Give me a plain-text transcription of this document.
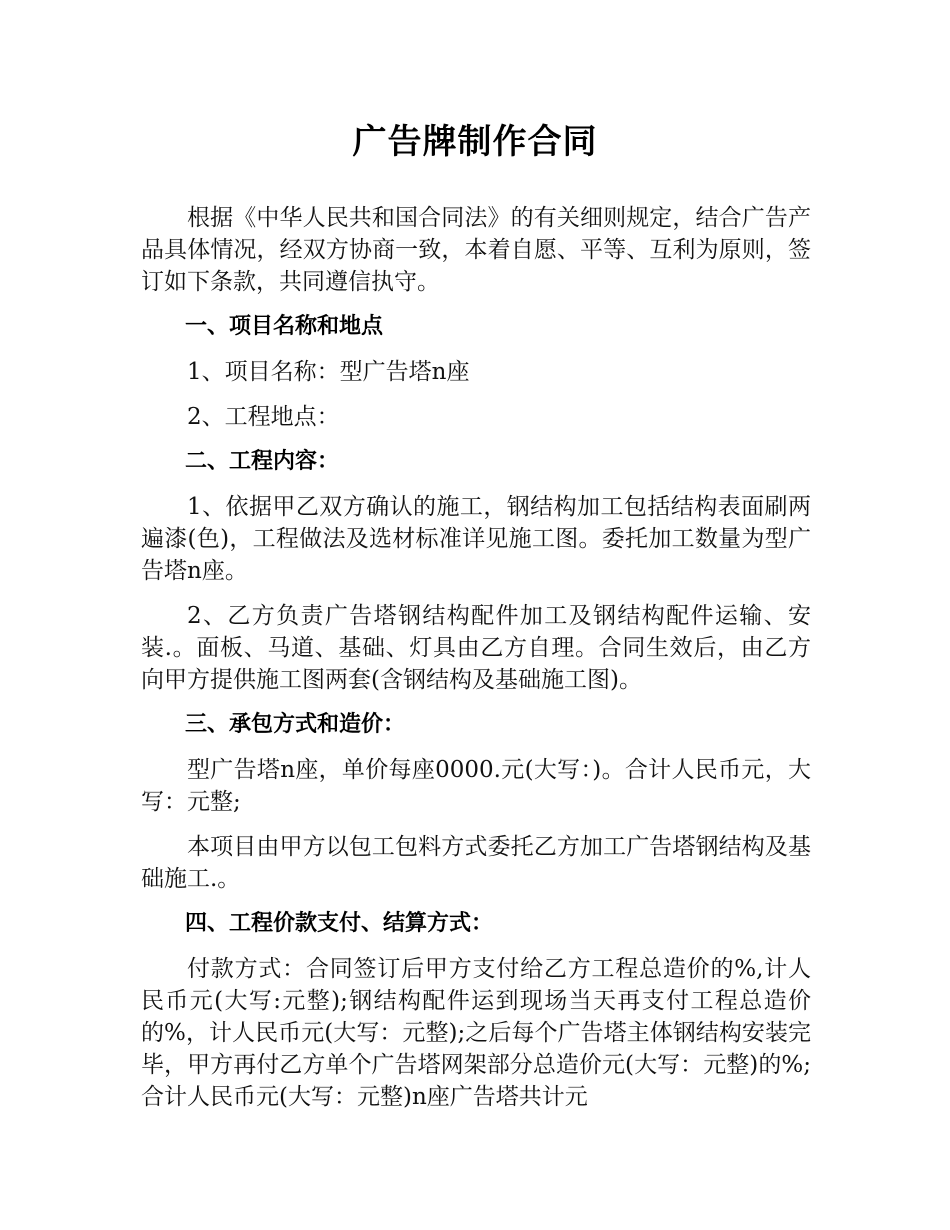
广告牌制作合同

根据《中华人民共和国合同法》的有关细则规定，结合广告产品具体情况，经双方协商一致，本着自愿、平等、互利为原则，签订如下条款，共同遵信执守。

一、项目名称和地点
1、项目名称：型广告塔n座
2、工程地点：
二、工程内容：

1、依据甲乙双方确认的施工，钢结构加工包括结构表面刷两遍漆(色)，工程做法及选材标准详见施工图。委托加工数量为型广告塔n座。

2、乙方负责广告塔钢结构配件加工及钢结构配件运输、安装.。面板、马道、基础、灯具由乙方自理。合同生效后，由乙方向甲方提供施工图两套(含钢结构及基础施工图)。

三、承包方式和造价：

型广告塔n座，单价每座0000.元(大写：)。合计人民币元，大写：元整;

本项目由甲方以包工包料方式委托乙方加工广告塔钢结构及基础施工.。

四、工程价款支付、结算方式：

付款方式：合同签订后甲方支付给乙方工程总造价的%,计人民币元(大写:元整);钢结构配件运到现场当天再支付工程总造价的%，计人民币元(大写：元整);之后每个广告塔主体钢结构安装完毕，甲方再付乙方单个广告塔网架部分总造价元(大写：元整)的%;合计人民币元(大写：元整)n座广告塔共计元
